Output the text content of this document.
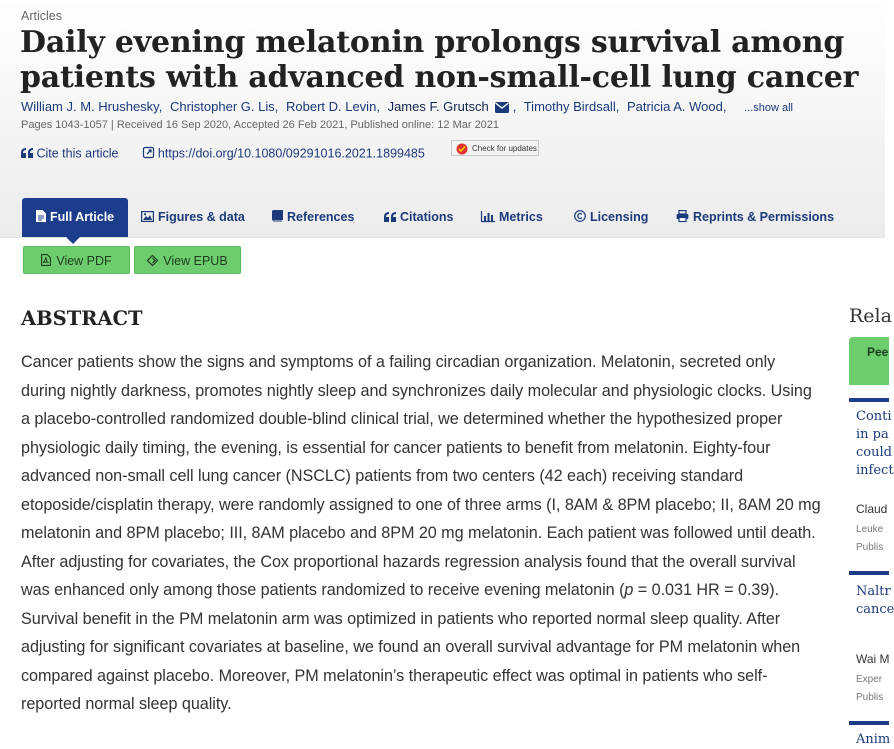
Articles
Daily evening melatonin prolongs survival among patients with advanced non-small-cell lung cancer
William J. M. Hrushesky, Christopher G. Lis, Robert D. Levin, James F. Grutsch , Timothy Birdsall, Patricia A. Wood, ...show all
Pages 1043-1057 | Received 16 Sep 2020, Accepted 26 Feb 2021, Published online: 12 Mar 2021
Cite this article	https://doi.org/10.1080/09291016.2021.1899485	Check for updates
Full Article	Figures & data	References	Citations	Metrics	Licensing	Reprints & Permissions
View PDF	View EPUB
ABSTRACT

Cancer patients show the signs and symptoms of a failing circadian organization. Melatonin, secreted only during nightly darkness, promotes nightly sleep and synchronizes daily molecular and physiologic clocks. Using a placebo-controlled randomized double-blind clinical trial, we determined whether the hypothesized proper physiologic daily timing, the evening, is essential for cancer patients to benefit from melatonin. Eighty-four advanced non-small cell lung cancer (NSCLC) patients from two centers (42 each) receiving standard etoposide/cisplatin therapy, were randomly assigned to one of three arms (I, 8AM & 8PM placebo; II, 8AM 20 mg melatonin and 8PM placebo; III, 8AM placebo and 8PM 20 mg melatonin. Each patient was followed until death. After adjusting for covariates, the Cox proportional hazards regression analysis found that the overall survival was enhanced only among those patients randomized to receive evening melatonin (p = 0.031 HR = 0.39). Survival benefit in the PM melatonin arm was optimized in patients who reported normal sleep quality. After adjusting for significant covariates at baseline, we found an overall survival advantage for PM melatonin when compared against placebo. Moreover, PM melatonin’s therapeutic effect was optimal in patients who self-reported normal sleep quality.

Rela
Pee
Conti
in pa
could
infect
Claud
Leuke
Publis
Naltr
cance
Wai M
Exper
Publis
Anim
